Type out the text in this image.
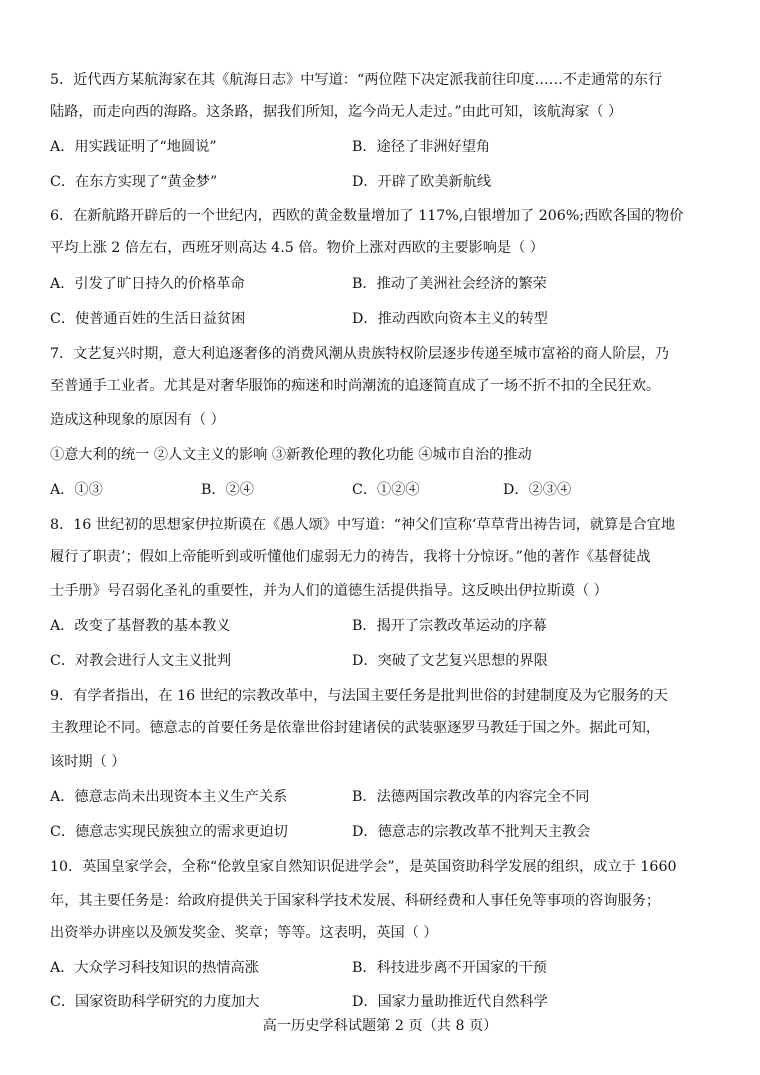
5．近代西方某航海家在其《航海日志》中写道：“两位陛下决定派我前往印度……不走通常的东行
陆路，而走向西的海路。这条路，据我们所知，迄今尚无人走过。”由此可知，该航海家（ ）
A．用实践证明了“地圆说”	B．途径了非洲好望角
C．在东方实现了“黄金梦”	D．开辟了欧美新航线
6．在新航路开辟后的一个世纪内，西欧的黄金数量增加了 117%,白银增加了 206%;西欧各国的物价
平均上涨 2 倍左右，西班牙则高达 4.5 倍。物价上涨对西欧的主要影响是（ ）
A．引发了旷日持久的价格革命	B．推动了美洲社会经济的繁荣
C．使普通百姓的生活日益贫困	D．推动西欧向资本主义的转型
7．文艺复兴时期，意大利追逐奢侈的消费风潮从贵族特权阶层逐步传递至城市富裕的商人阶层，乃
至普通手工业者。尤其是对奢华服饰的痴迷和时尚潮流的追逐简直成了一场不折不扣的全民狂欢。
造成这种现象的原因有（ ）
①意大利的统一 ②人文主义的影响 ③新教伦理的教化功能 ④城市自治的推动
A．①③	B．②④	C．①②④	D．②③④
8．16 世纪初的思想家伊拉斯谟在《愚人颂》中写道：“神父们宣称‘草草背出祷告词，就算是合宜地
履行了职责’；假如上帝能听到或听懂他们虚弱无力的祷告，我将十分惊讶。”他的著作《基督徒战
士手册》号召弱化圣礼的重要性，并为人们的道德生活提供指导。这反映出伊拉斯谟（ ）
A．改变了基督教的基本教义	B．揭开了宗教改革运动的序幕
C．对教会进行人文主义批判	D．突破了文艺复兴思想的界限
9．有学者指出，在 16 世纪的宗教改革中，与法国主要任务是批判世俗的封建制度及为它服务的天
主教理论不同。德意志的首要任务是依靠世俗封建诸侯的武装驱逐罗马教廷于国之外。据此可知，
该时期（ ）
A．德意志尚未出现资本主义生产关系	B．法德两国宗教改革的内容完全不同
C．德意志实现民族独立的需求更迫切	D．德意志的宗教改革不批判天主教会
10．英国皇家学会，全称“伦敦皇家自然知识促进学会”，是英国资助科学发展的组织，成立于 1660
年，其主要任务是：给政府提供关于国家科学技术发展、科研经费和人事任免等事项的咨询服务；
出资举办讲座以及颁发奖金、奖章；等等。这表明，英国（ ）
A．大众学习科技知识的热情高涨	B．科技进步离不开国家的干预
C．国家资助科学研究的力度加大	D．国家力量助推近代自然科学
高一历史学科试题第 2 页（共 8 页）
